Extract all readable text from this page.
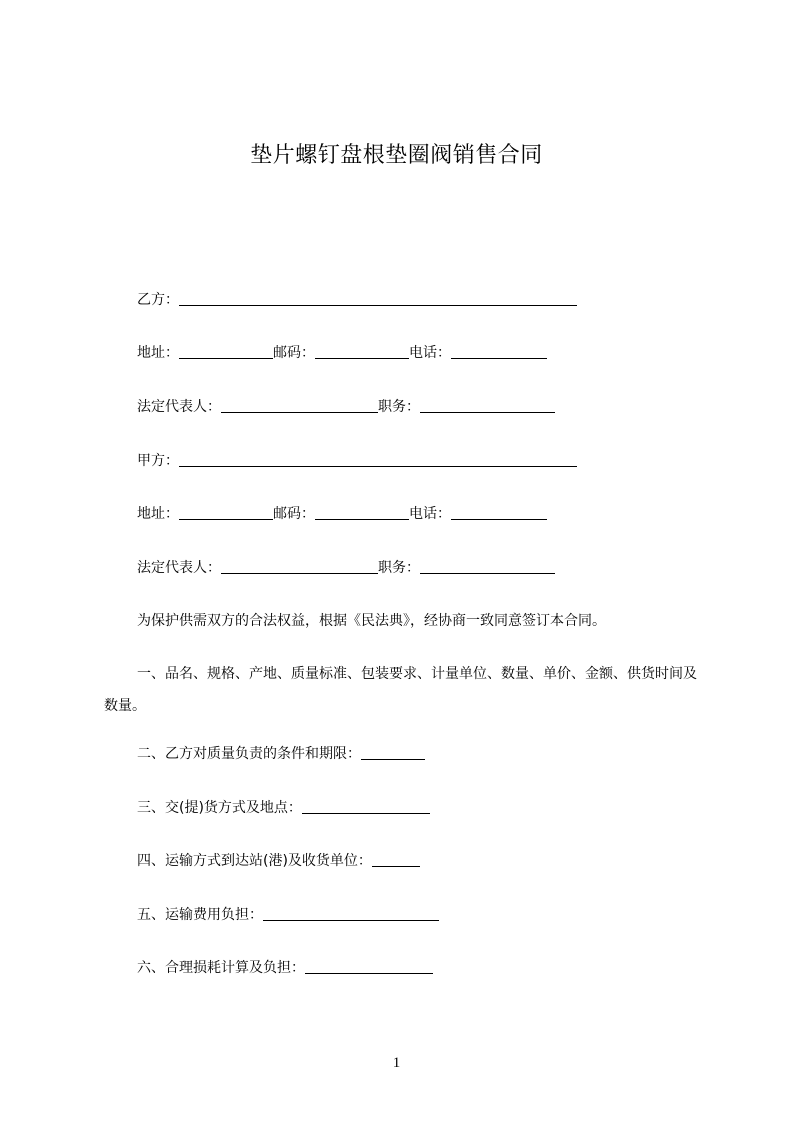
垫片螺钉盘根垫圈阀销售合同
乙方：
地址：	邮码：	电话：
法定代表人：	职务：
甲方：
地址：	邮码：	电话：
法定代表人：	职务：
为保护供需双方的合法权益，根据《民法典》，经协商一致同意签订本合同。
一、品名、规格、产地、质量标准、包装要求、计量单位、数量、单价、金额、供货时间及数量。
二、乙方对质量负责的条件和期限：
三、交(提)货方式及地点：
四、运输方式到达站(港)及收货单位：
五、运输费用负担：
六、合理损耗计算及负担：
1
